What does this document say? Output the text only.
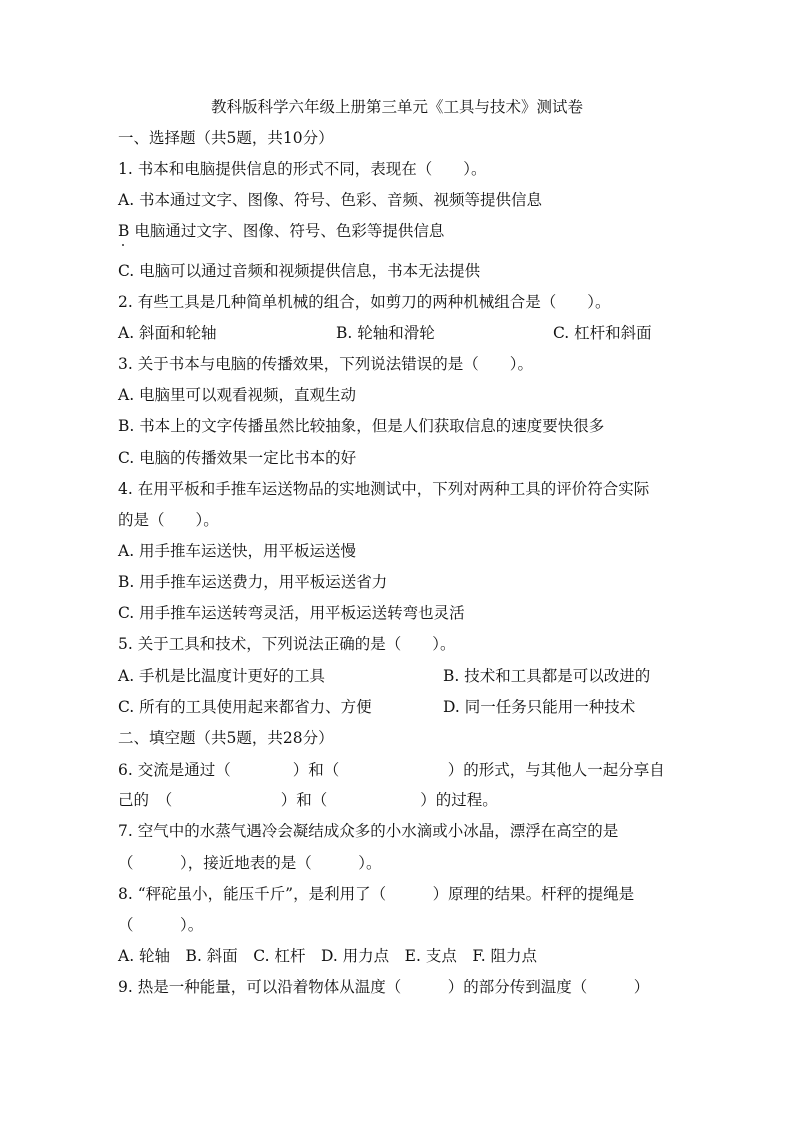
教科版科学六年级上册第三单元《工具与技术》测试卷
一、选择题（共5题，共10分）
1. 书本和电脑提供信息的形式不同，表现在（　　）。
A. 书本通过文字、图像、符号、色彩、音频、视频等提供信息
B 电脑通过文字、图像、符号、色彩等提供信息
C. 电脑可以通过音频和视频提供信息，书本无法提供
2. 有些工具是几种简单机械的组合，如剪刀的两种机械组合是（　　）。
A. 斜面和轮轴	B. 轮轴和滑轮	C. 杠杆和斜面
3. 关于书本与电脑的传播效果，下列说法错误的是（　　）。
A. 电脑里可以观看视频，直观生动
B. 书本上的文字传播虽然比较抽象，但是人们获取信息的速度要快很多
C. 电脑的传播效果一定比书本的好
4. 在用平板和手推车运送物品的实地测试中，下列对两种工具的评价符合实际
的是（　　）。
A. 用手推车运送快，用平板运送慢
B. 用手推车运送费力，用平板运送省力
C. 用手推车运送转弯灵活，用平板运送转弯也灵活
5. 关于工具和技术，下列说法正确的是（　　）。
A. 手机是比温度计更好的工具	B. 技术和工具都是可以改进的
C. 所有的工具使用起来都省力、方便	D. 同一任务只能用一种技术
二、填空题（共5题，共28分）
6. 交流是通过（　　　　）和（　　　　　　　）的形式，与其他人一起分享自
己的　（　　　　　　　）和（　　　　　　）的过程。
7. 空气中的水蒸气遇冷会凝结成众多的小水滴或小冰晶，漂浮在高空的是
（　　　），接近地表的是（　　　）。
8. “秤砣虽小，能压千斤”，是利用了（　　　）原理的结果。杆秤的提绳是
（　　　）。
A. 轮轴　B. 斜面　C. 杠杆　D. 用力点　E. 支点　F. 阻力点
9. 热是一种能量，可以沿着物体从温度（　　　）的部分传到温度（　　　）
